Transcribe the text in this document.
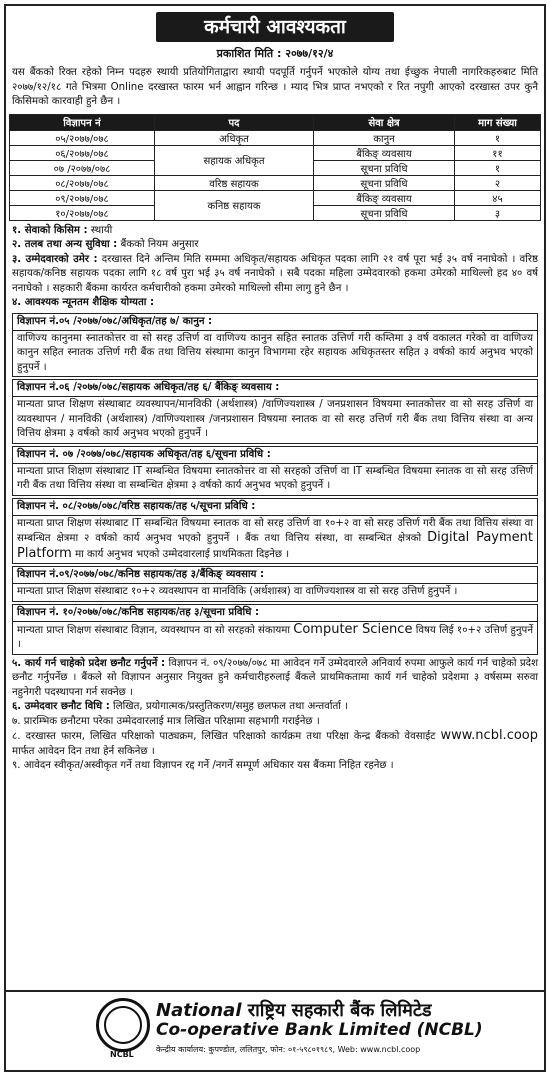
कर्मचारी आवश्यकता
प्रकाशित मिति : २०७७/१२/४
यस बैंकको रिक्त रहेको निम्न पदहरु स्थायी प्रतियोगिताद्वारा स्थायी पदपूर्ति गर्नुपर्ने भएकोले योग्य तथा ईच्छुक नेपाली नागरिकहरुबाट मिति २०७७/१२/१८ गते भित्रमा Online दरखास्त फारम भर्न आह्वान गरिन्छ । म्याद भित्र प्राप्त नभएको र रित नपुगी आएको दरखास्त उपर कुनै किसिमको कारवाही हुने छैन ।
विज्ञापन नं	पद	सेवा क्षेत्र	माग संख्या
०५/२०७७/०७८	अधिकृत	कानुन	१
०६/२०७७/०७८	सहायक अधिकृत	बैंकिङ् व्यवसाय	११
०७ /२०७७/०७८		सूचना प्रविधि	१
०८/२०७७/०७८	वरिष्ठ सहायक	सूचना प्रविधि	२
०९/२०७७/०७८	कनिष्ठ सहायक	बैंकिङ् व्यवसाय	४५
१०/२०७७/०७८		सूचना प्रविधि	३
१. सेवाको किसिम : स्थायी
२. तलब तथा अन्य सुविधा : बैंकको नियम अनुसार
३. उम्मेदवारको उमेर : दरखास्त दिने अन्तिम मिति सम्ममा अधिकृत/सहायक अधिकृत पदका लागि २१ वर्ष पूरा भई ३५ वर्ष ननाघेको । वरिष्ठ सहायक/कनिष्ठ सहायक पदका लागि १८ वर्ष पुरा भई ३५ वर्ष ननाघेको । सबै पदका महिला उम्मेदवारको हकमा उमेरको माथिल्लो हद ४० वर्ष ननाघेको । सहकारी बैंकमा कार्यरत कर्मचारीको हकमा उमेरको माथिल्लो सीमा लागु हुने छैन ।
४. आवश्यक न्यूनतम शैक्षिक योग्यता :
विज्ञापन नं.०५ /२०७७/०७८/अधिकृत/तह ७/ कानुन :
वाणिज्य कानुनमा स्नातकोत्तर वा सो सरह उत्तिर्ण वा वाणिज्य कानुन सहित स्नातक उत्तिर्ण गरी कम्तिमा ३ वर्ष वकालत गरेको वा वाणिज्य कानुन सहित स्नातक उत्तिर्ण गरी बैंक तथा वित्तिय संस्थामा कानुन विभागमा रहेर सहायक अधिकृतस्तर सहित ३ वर्षको कार्य अनुभव भएको हुनुपर्ने ।
विज्ञापन नं.०६ /२०७७/०७८/सहायक अधिकृत/तह ६/ बैंकिङ् व्यवसाय :
मान्यता प्राप्त शिक्षण संस्थाबाट व्यवस्थापन/मानविकी (अर्थशास्त्र) /वाणिज्यशास्त्र / जनप्रशासन विषयमा स्नातकोत्तर वा सो सरह उत्तिर्ण वा व्यवस्थापन / मानविकी (अर्थशास्त्र) /वाणिज्यशास्त्र /जनप्रशासन विषयमा स्नातक वा सो सरह उत्तिर्ण गरी बैंक तथा वित्तिय संस्था वा अन्य वित्तिय क्षेत्रमा ३ वर्षको कार्य अनुभव भएको हुनुपर्ने ।
विज्ञापन नं. ०७ /२०७७/०७८/सहायक अधिकृत/तह ६/सूचना प्रविधि :
मान्यता प्राप्त शिक्षण संस्थाबाट IT सम्बन्धित विषयमा स्नातकोत्तर वा सो सरहको उत्तिर्ण वा IT सम्बन्धित विषयमा स्नातक वा सो सरह उत्तिर्ण गरी बैंक तथा वित्तिय संस्था वा सम्बन्धित क्षेत्रमा ३ वर्षको कार्य अनुभव भएको हुनुपर्ने ।
विज्ञापन नं. ०८/२०७७/०७८/वरिष्ठ सहायक/तह ५/सूचना प्रविधि :
मान्यता प्राप्त शिक्षण संस्थाबाट IT सम्बन्धित विषयमा स्नातक वा सो सरह उत्तिर्ण वा १०+२ वा सो सरह उत्तिर्ण गरी बैंक तथा वित्तिय संस्था वा सम्बन्धित क्षेत्रमा २ वर्षको कार्य अनुभव भएको हुनुपर्ने । बैंक तथा वित्तिय संस्था, वा सम्बन्धित क्षेत्रको Digital Payment Platform मा कार्य अनुभव भएको उम्मेदवारलाई प्राथमिकता दिइनेछ ।
विज्ञापन नं.०९/२०७७/०७८/कनिष्ठ सहायक/तह ३/बैंकिङ् व्यवसाय :
मान्यता प्राप्त शिक्षण संस्थाबाट १०+२ व्यवस्थापन वा मानविकि (अर्थशास्त्र) वा वाणिज्यशास्त्र वा सो सरह उत्तिर्ण हुनुपर्ने ।
विज्ञापन नं. १०/२०७७/०७८/कनिष्ठ सहायक/तह ३/सूचना प्रविधि :
मान्यता प्राप्त शिक्षण संस्थाबाट विज्ञान, व्यवस्थापन वा सो सरहको संकायमा Computer Science विषय लिई १०+२ उत्तिर्ण हुनुपर्ने ।
५. कार्य गर्न चाहेको प्रदेश छनौट गर्नुपर्ने : विज्ञापन नं. ०९/२०७७/०७८ मा आवेदन गर्ने उम्मेदवारले अनिवार्य रुपमा आफुले कार्य गर्न चाहेको प्रदेश छनौट गर्नुपर्नेछ । बैंकले सो विज्ञापन अनुसार नियुक्त हुने कर्मचारीहरुलाई बैंकले प्राथमिकतामा कार्य गर्न चाहेको प्रदेशमा ३ वर्षसम्म सरुवा नहुनेगरी पदस्थापना गर्न सक्नेछ ।
६. उम्मेदवार छनौट विधि : लिखित, प्रयोगात्मक/प्रस्तुतिकरण/समुह छलफल तथा अन्तर्वार्ता ।
७. प्रारम्भिक छनौटमा परेका उम्मेदवारलाई मात्र लिखित परिक्षामा सहभागी गराईनेछ ।
८. दरखास्त फारम, लिखित परिक्षाको पाठ्यक्रम, लिखित परिक्षाको कार्यक्रम तथा परिक्षा केन्द्र बैंकको वेवसाईट www.ncbl.coop मार्फत आवेदन दिन तथा हेर्न सकिनेछ ।
९. आवेदन स्वीकृत/अस्वीकृत गर्ने तथा विज्ञापन रद्द गर्ने /नगर्ने सम्पूर्ण अधिकार यस बैंकमा निहित रहनेछ ।
NCBL
National राष्ट्रिय सहकारी बैंक लिमिटेड
Co-operative Bank Limited (NCBL)
केन्द्रीय कार्यालय: कुपण्डोल, ललितपुर, फोन: ०१-५९८०१९८९, Web: www.ncbl.coop
